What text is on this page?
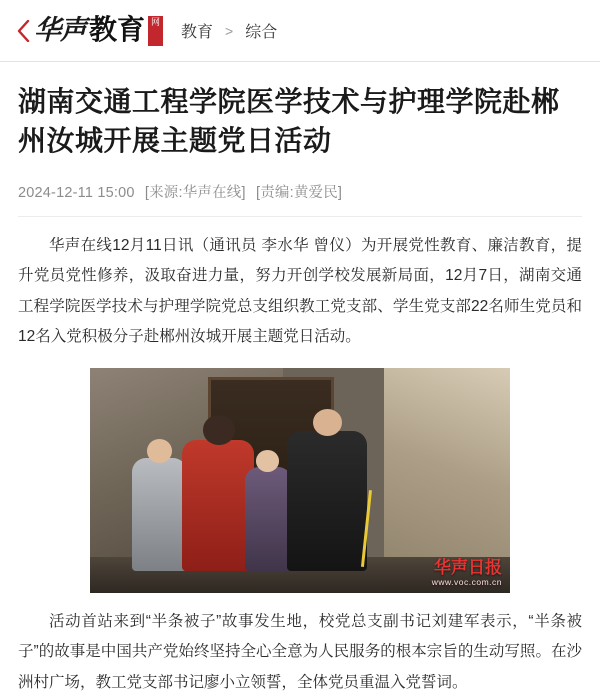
华声 教育 网
教育 > 综合
湖南交通工程学院医学技术与护理学院赴郴州汝城开展主题党日活动
2024-12-11 15:00 [来源:华声在线] [责编:黄爱民]

华声在线12月11日讯（通讯员 李水华 曾仪）为开展党性教育、廉洁教育，提升党员党性修养，汲取奋进力量，努力开创学校发展新局面，12月7日，湖南交通工程学院医学技术与护理学院党总支组织教工党支部、学生党支部22名师生党员和12名入党积极分子赴郴州汝城开展主题党日活动。

华声日报
www.voc.com.cn

活动首站来到“半条被子”故事发生地，校党总支副书记刘建军表示，“半条被子”的故事是中国共产党始终坚持全心全意为人民服务的根本宗旨的生动写照。在沙洲村广场，教工党支部书记廖小立领誓，全体党员重温入党誓词。
